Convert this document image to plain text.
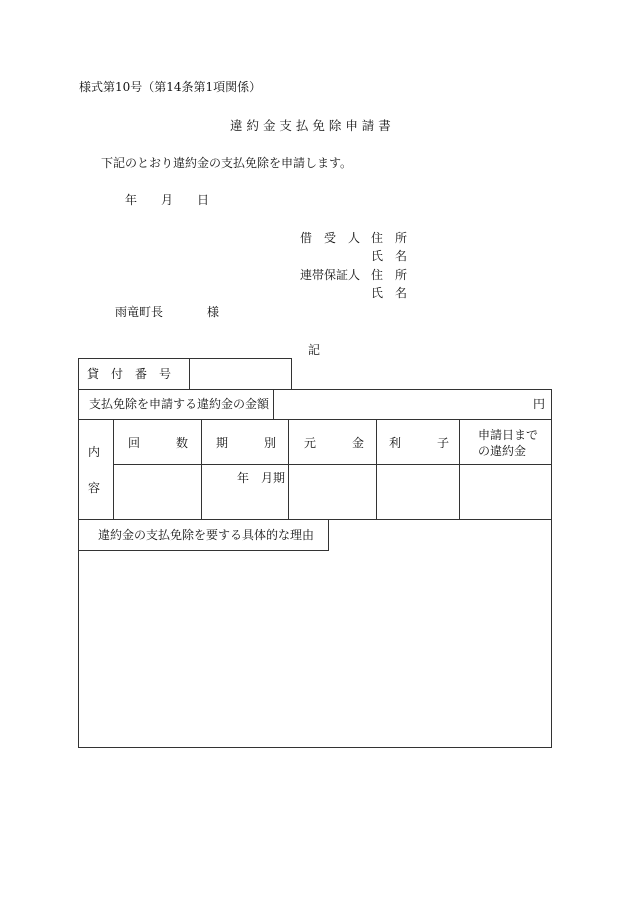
様式第10号（第14条第1項関係）
違 約 金 支 払 免 除 申 請 書
下記のとおり違約金の支払免除を申請します。
年 月 日
借　受　人 住　所
氏　名
連帯保証人 住　所
氏　名
雨竜町長	様
記
貸　付　番　号
支払免除を申請する違約金の金額	円
内
容
回　　　数 期　　　別 元　　　金 利　　　子
申請日まで
の違約金
年　月期
違約金の支払免除を要する具体的な理由
